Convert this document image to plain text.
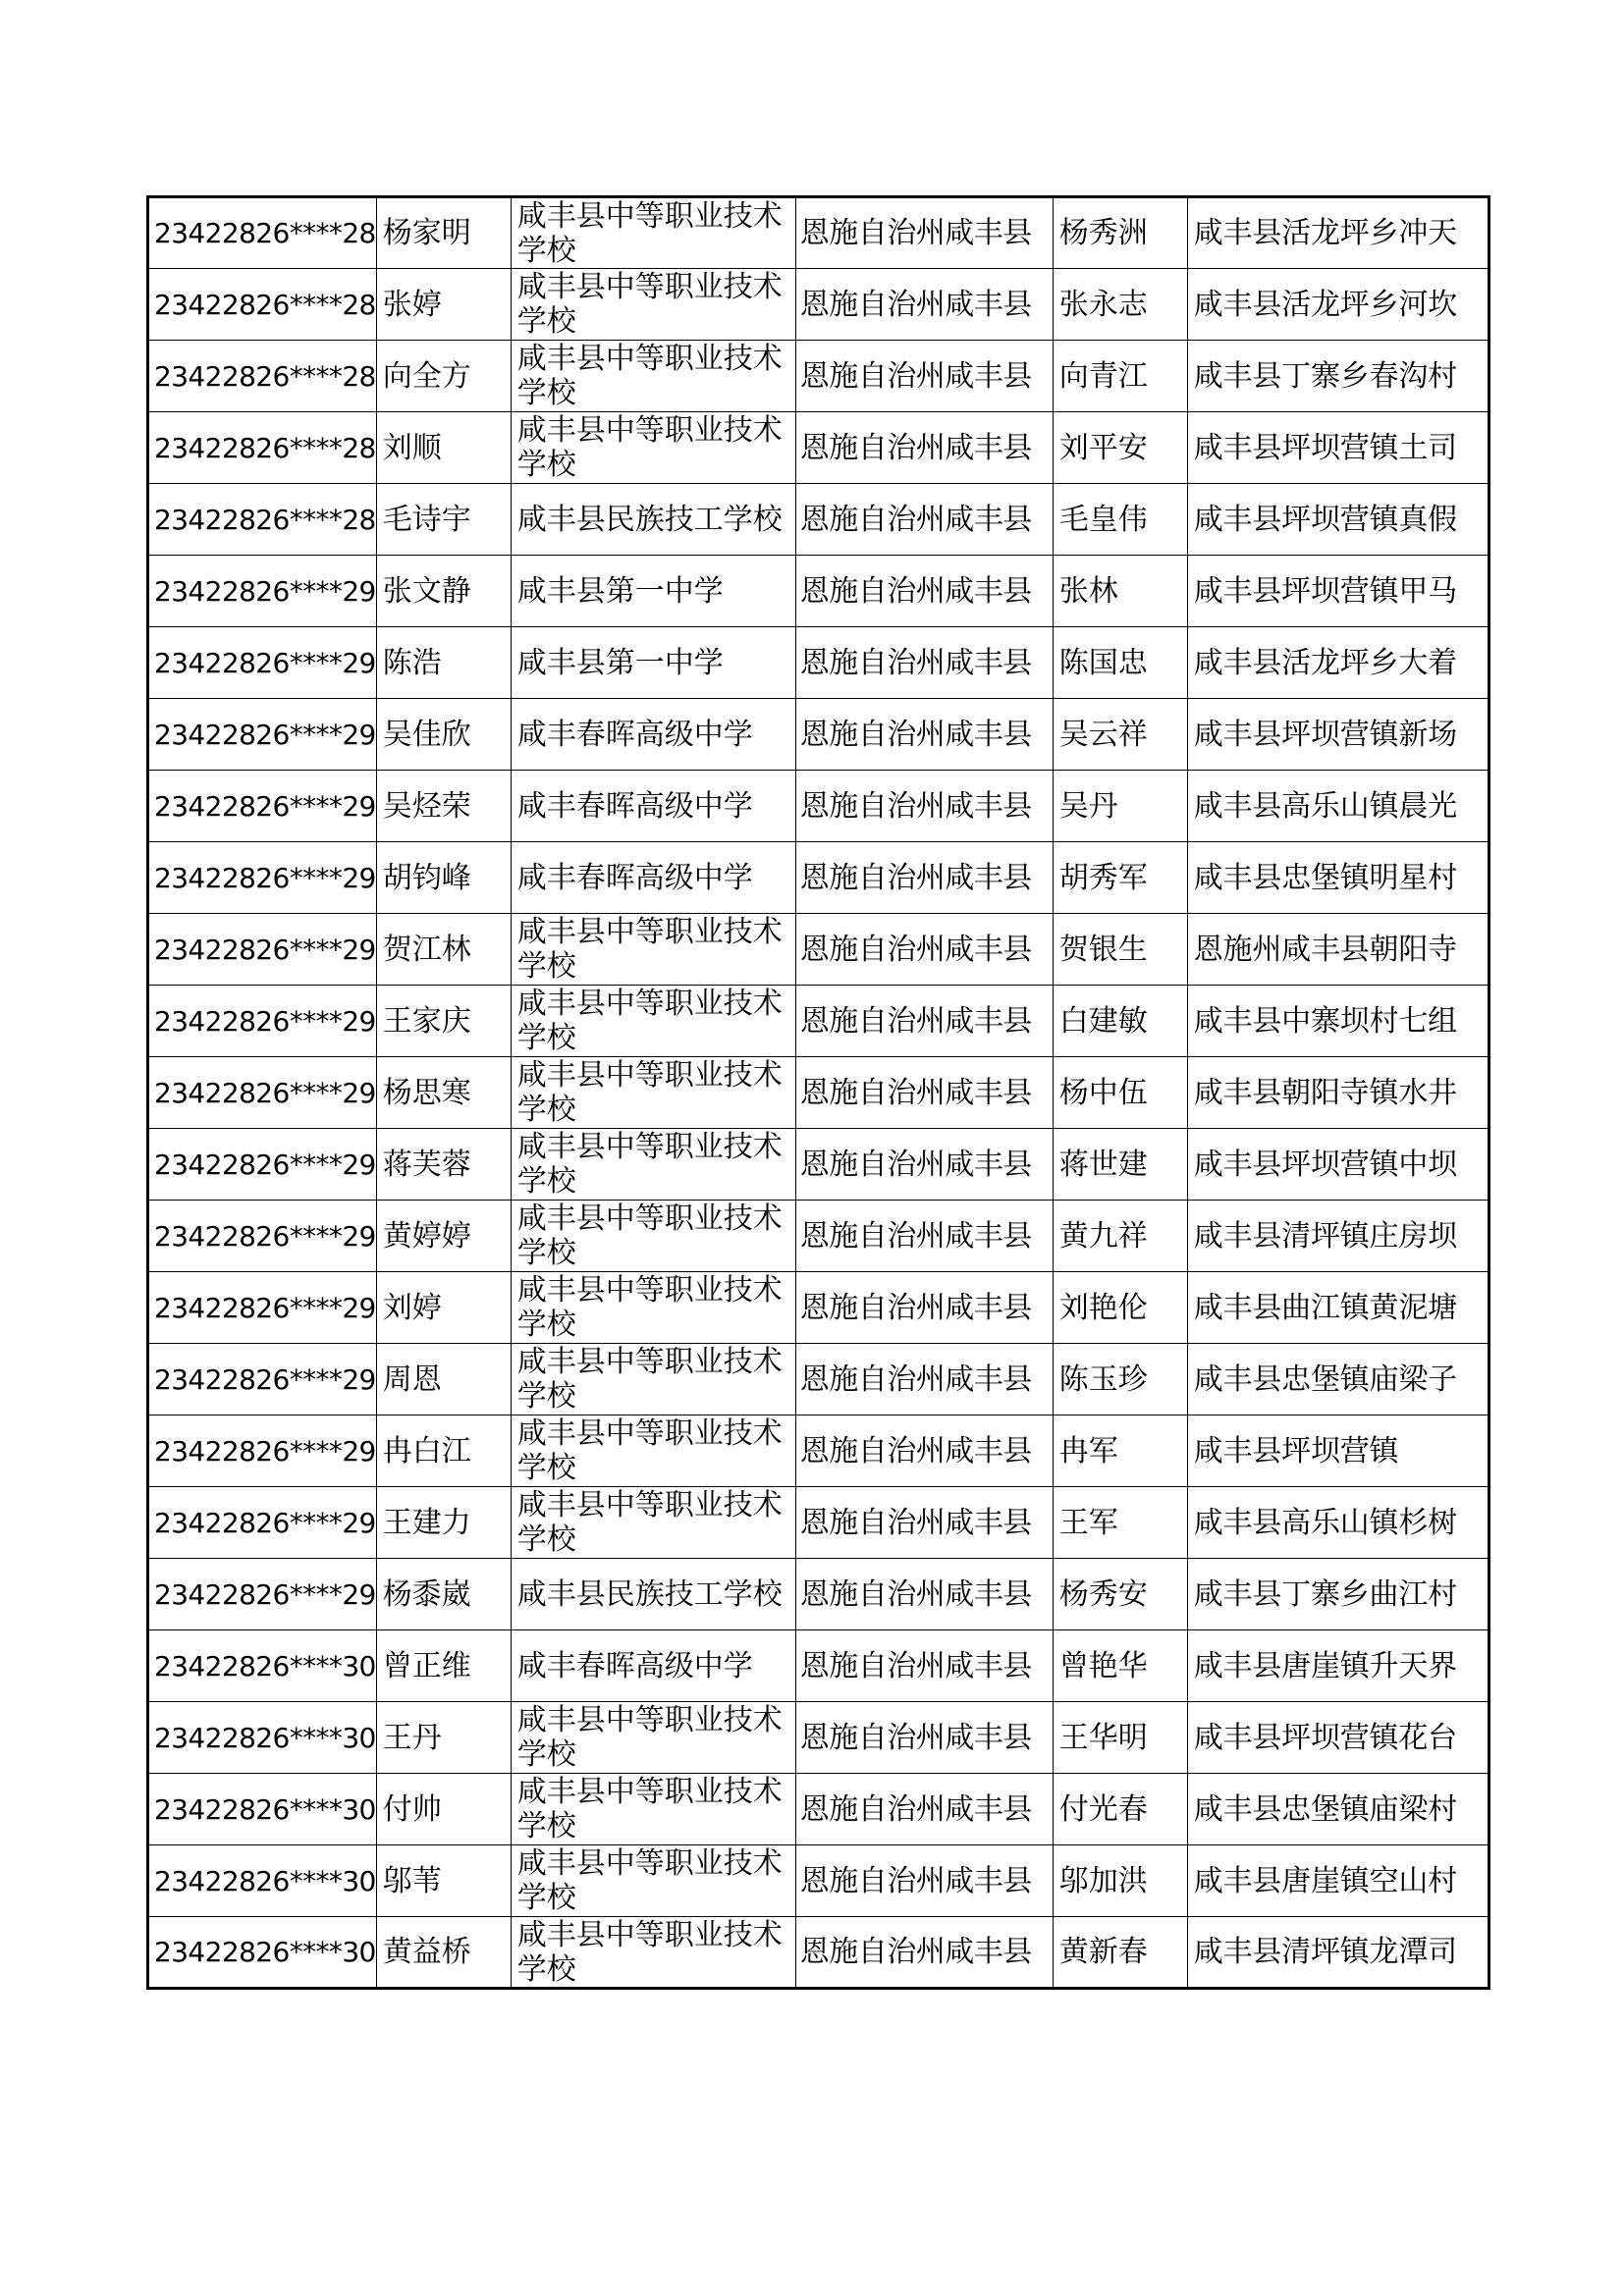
23422826****28	杨家明	咸丰县中等职业技术学校	恩施自治州咸丰县	杨秀洲	咸丰县活龙坪乡冲天
23422826****28	张婷	咸丰县中等职业技术学校	恩施自治州咸丰县	张永志	咸丰县活龙坪乡河坎
23422826****28	向全方	咸丰县中等职业技术学校	恩施自治州咸丰县	向青江	咸丰县丁寨乡春沟村
23422826****28	刘顺	咸丰县中等职业技术学校	恩施自治州咸丰县	刘平安	咸丰县坪坝营镇土司
23422826****28	毛诗宇	咸丰县民族技工学校	恩施自治州咸丰县	毛皇伟	咸丰县坪坝营镇真假
23422826****29	张文静	咸丰县第一中学	恩施自治州咸丰县	张林	咸丰县坪坝营镇甲马
23422826****29	陈浩	咸丰县第一中学	恩施自治州咸丰县	陈国忠	咸丰县活龙坪乡大着
23422826****29	吴佳欣	咸丰春晖高级中学	恩施自治州咸丰县	吴云祥	咸丰县坪坝营镇新场
23422826****29	吴烃荣	咸丰春晖高级中学	恩施自治州咸丰县	吴丹	咸丰县高乐山镇晨光
23422826****29	胡钧峰	咸丰春晖高级中学	恩施自治州咸丰县	胡秀军	咸丰县忠堡镇明星村
23422826****29	贺江林	咸丰县中等职业技术学校	恩施自治州咸丰县	贺银生	恩施州咸丰县朝阳寺
23422826****29	王家庆	咸丰县中等职业技术学校	恩施自治州咸丰县	白建敏	咸丰县中寨坝村七组
23422826****29	杨思寒	咸丰县中等职业技术学校	恩施自治州咸丰县	杨中伍	咸丰县朝阳寺镇水井
23422826****29	蒋芙蓉	咸丰县中等职业技术学校	恩施自治州咸丰县	蒋世建	咸丰县坪坝营镇中坝
23422826****29	黄婷婷	咸丰县中等职业技术学校	恩施自治州咸丰县	黄九祥	咸丰县清坪镇庄房坝
23422826****29	刘婷	咸丰县中等职业技术学校	恩施自治州咸丰县	刘艳伦	咸丰县曲江镇黄泥塘
23422826****29	周恩	咸丰县中等职业技术学校	恩施自治州咸丰县	陈玉珍	咸丰县忠堡镇庙梁子
23422826****29	冉白江	咸丰县中等职业技术学校	恩施自治州咸丰县	冉军	咸丰县坪坝营镇
23422826****29	王建力	咸丰县中等职业技术学校	恩施自治州咸丰县	王军	咸丰县高乐山镇杉树
23422826****29	杨黍崴	咸丰县民族技工学校	恩施自治州咸丰县	杨秀安	咸丰县丁寨乡曲江村
23422826****30	曾正维	咸丰春晖高级中学	恩施自治州咸丰县	曾艳华	咸丰县唐崖镇升天界
23422826****30	王丹	咸丰县中等职业技术学校	恩施自治州咸丰县	王华明	咸丰县坪坝营镇花台
23422826****30	付帅	咸丰县中等职业技术学校	恩施自治州咸丰县	付光春	咸丰县忠堡镇庙梁村
23422826****30	邬苇	咸丰县中等职业技术学校	恩施自治州咸丰县	邬加洪	咸丰县唐崖镇空山村
23422826****30	黄益桥	咸丰县中等职业技术学校	恩施自治州咸丰县	黄新春	咸丰县清坪镇龙潭司
